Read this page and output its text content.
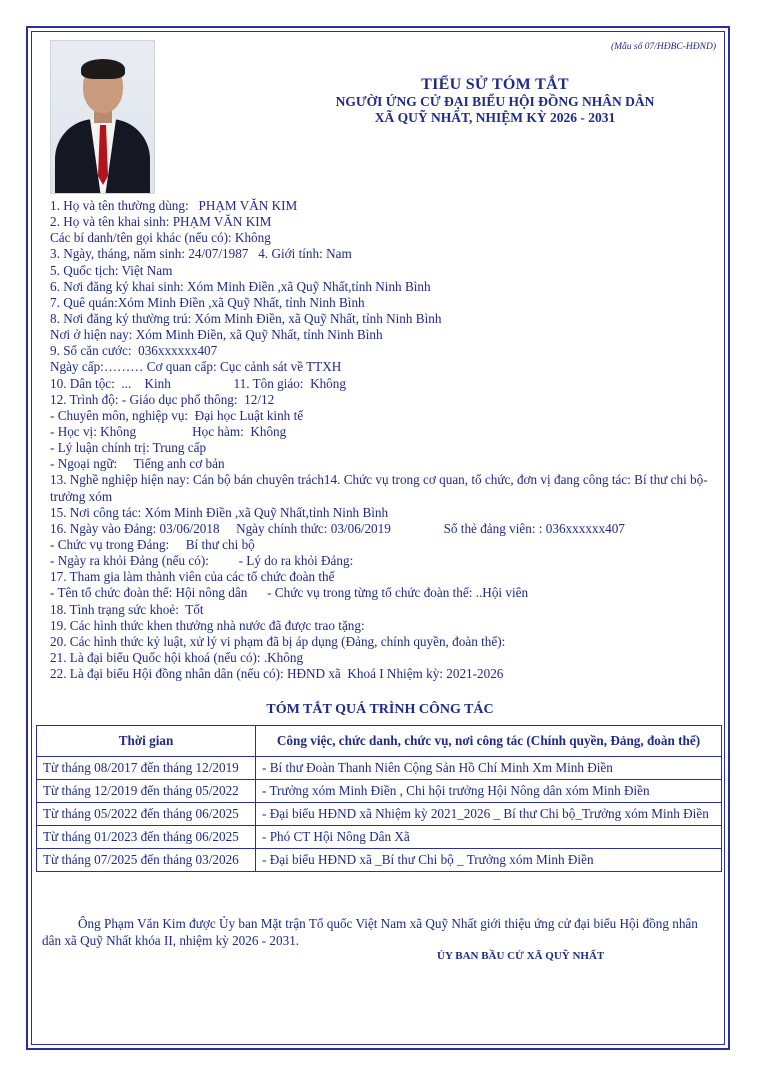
(Mẫu số 07/HĐBC-HĐND)
TIỂU SỬ TÓM TẮT
NGƯỜI ỨNG CỬ ĐẠI BIỂU HỘI ĐỒNG NHÂN DÂN
XÃ QUỸ NHẤT, NHIỆM KỲ 2026 - 2031
1. Họ và tên thường dùng:   PHẠM VĂN KIM
2. Họ và tên khai sinh: PHẠM VĂN KIM
Các bí danh/tên gọi khác (nếu có): Không
3. Ngày, tháng, năm sinh: 24/07/1987   4. Giới tính: Nam
5. Quốc tịch: Việt Nam
6. Nơi đăng ký khai sinh: Xóm Minh Điền ,xã Quỹ Nhất,tỉnh Ninh Bình
7. Quê quán:Xóm Minh Điền ,xã Quỹ Nhất, tỉnh Ninh Bình
8. Nơi đăng ký thường trú: Xóm Minh Điền, xã Quỹ Nhất, tỉnh Ninh Bình
Nơi ở hiện nay: Xóm Minh Điền, xã Quỹ Nhất, tỉnh Ninh Bình
9. Số căn cước:  036xxxxxx407
Ngày cấp:……… Cơ quan cấp: Cục cảnh sát về TTXH
10. Dân tộc:  ...    Kinh                   11. Tôn giáo:  Không
12. Trình độ: - Giáo dục phổ thông:  12/12
- Chuyên môn, nghiệp vụ:  Đại học Luật kinh tế
- Học vị: Không                 Học hàm:  Không
- Lý luận chính trị: Trung cấp
- Ngoại ngữ:     Tiếng anh cơ bản
13. Nghề nghiệp hiện nay: Cán bộ bán chuyên trách14. Chức vụ trong cơ quan, tổ chức, đơn vị đang công tác: Bí thư chi bộ-trưởng xóm
15. Nơi công tác: Xóm Minh Điền ,xã Quỹ Nhất,tỉnh Ninh Bình
16. Ngày vào Đảng: 03/06/2018     Ngày chính thức: 03/06/2019                Số thẻ đảng viên: : 036xxxxxx407
- Chức vụ trong Đảng:     Bí thư chi bộ
- Ngày ra khỏi Đảng (nếu có):         - Lý do ra khỏi Đảng:
17. Tham gia làm thành viên của các tổ chức đoàn thể
- Tên tổ chức đoàn thể: Hội nông dân      - Chức vụ trong từng tổ chức đoàn thể: ..Hội viên
18. Tình trạng sức khoẻ:  Tốt
19. Các hình thức khen thưởng nhà nước đã được trao tặng:
20. Các hình thức kỷ luật, xử lý vi phạm đã bị áp dụng (Đảng, chính quyền, đoàn thể):
21. Là đại biểu Quốc hội khoá (nếu có): .Không
22. Là đại biểu Hội đồng nhân dân (nếu có): HĐND xã  Khoá I Nhiệm kỳ: 2021-2026
TÓM TẮT QUÁ TRÌNH CÔNG TÁC
Thời gian	Công việc, chức danh, chức vụ, nơi công tác (Chính quyền, Đảng, đoàn thể)
Từ tháng 08/2017 đến tháng 12/2019	- Bí thư Đoàn Thanh Niên Cộng Sản Hồ Chí Minh Xm Minh Điền
Từ tháng 12/2019 đến tháng 05/2022	- Trưởng xóm Minh Điền , Chi hội trưởng Hội Nông dân xóm Minh Điền
Từ tháng 05/2022 đến tháng 06/2025	- Đại biểu HĐND xã Nhiệm kỳ 2021_2026 _ Bí thư Chi bộ_Trưởng xóm Minh Điền
Từ tháng 01/2023 đến tháng 06/2025	- Phó CT Hội Nông Dân Xã
Từ tháng 07/2025 đến tháng 03/2026	- Đại biểu HĐND xã _Bí thư Chi bộ _ Trưởng xóm Minh Điền
Ông Phạm Văn Kim được Ủy ban Mặt trận Tổ quốc Việt Nam xã Quỹ Nhất giới thiệu ứng cử đại biểu Hội đồng nhân dân xã Quỹ Nhất khóa II, nhiệm kỳ 2026 - 2031.
ỦY BAN BẦU CỬ XÃ QUỸ NHẤT
